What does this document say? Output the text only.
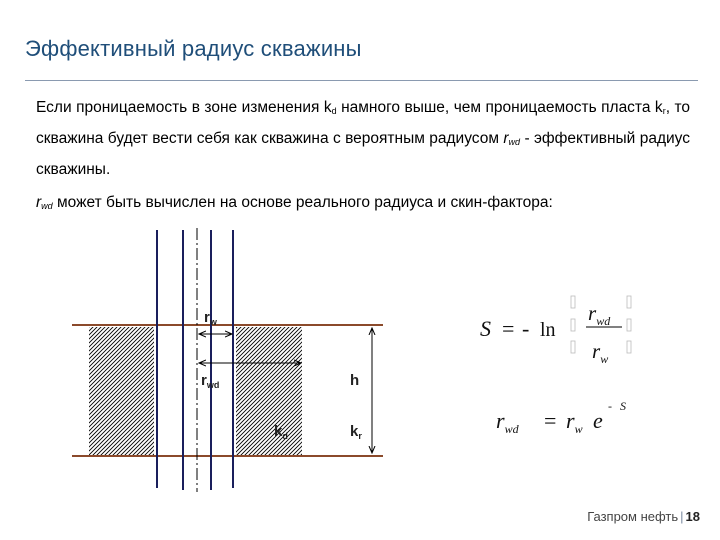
Эффективный радиус скважины
Если проницаемость в зоне изменения $k_d$ намного выше, чем проницаемость пласта $k_r$, то скважина будет вести себя как скважина с вероятным радиусом $r_{wd}$ - эффективный радиус скважины.
$r_{wd}$ может быть вычислен на основе реального радиуса и скин-фактора:
$r_w$
$r_{wd}$	h
$k_d$	$k_r$
S = - ln
$r_{wd}$
$r_w$
$r_{wd} = r_w$ e
- S
Газпром нефть | 18
